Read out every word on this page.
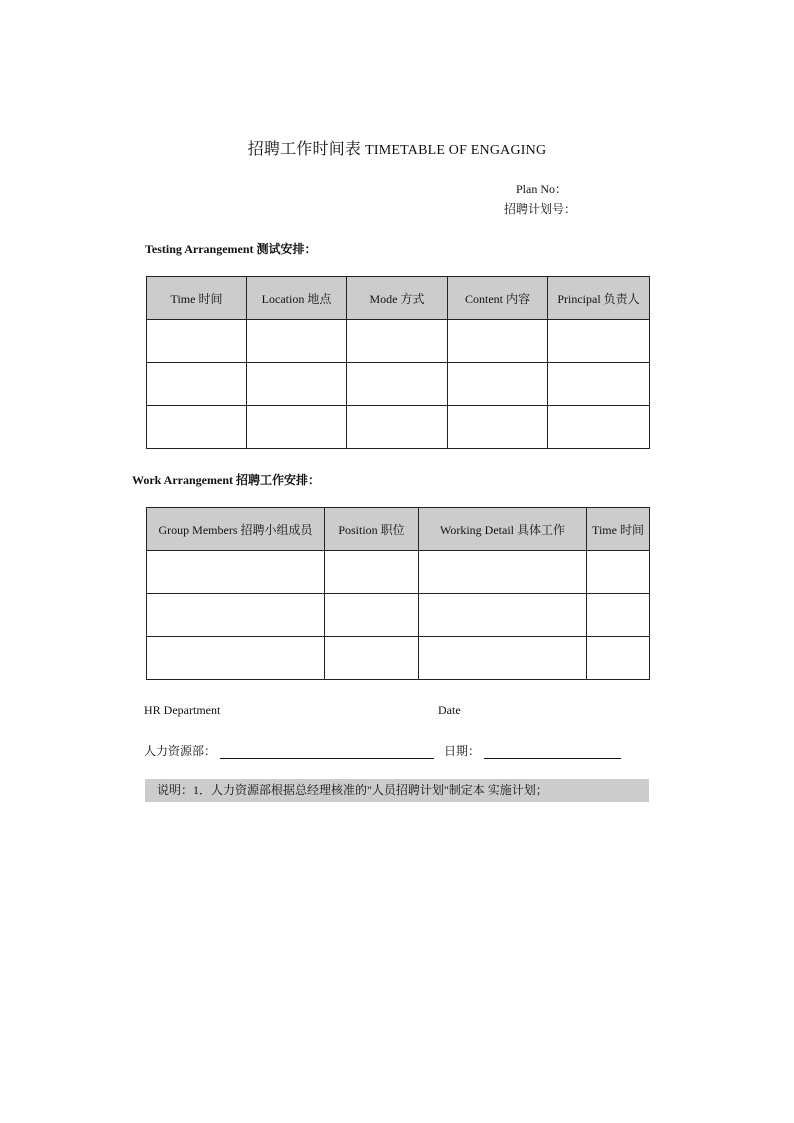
招聘工作时间表 TIMETABLE OF ENGAGING
Plan No：
招聘计划号：
Testing Arrangement 测试安排：
Time 时间	Location 地点	Mode 方式	Content 内容	Principal 负责人

Work Arrangement 招聘工作安排：
Group Members 招聘小组成员	Position 职位	Working Detail 具体工作	Time 时间

HR Department	Date
人力资源部：	日期：
说明：1．人力资源部根据总经理核准的"人员招聘计划"制定本 实施计划；
